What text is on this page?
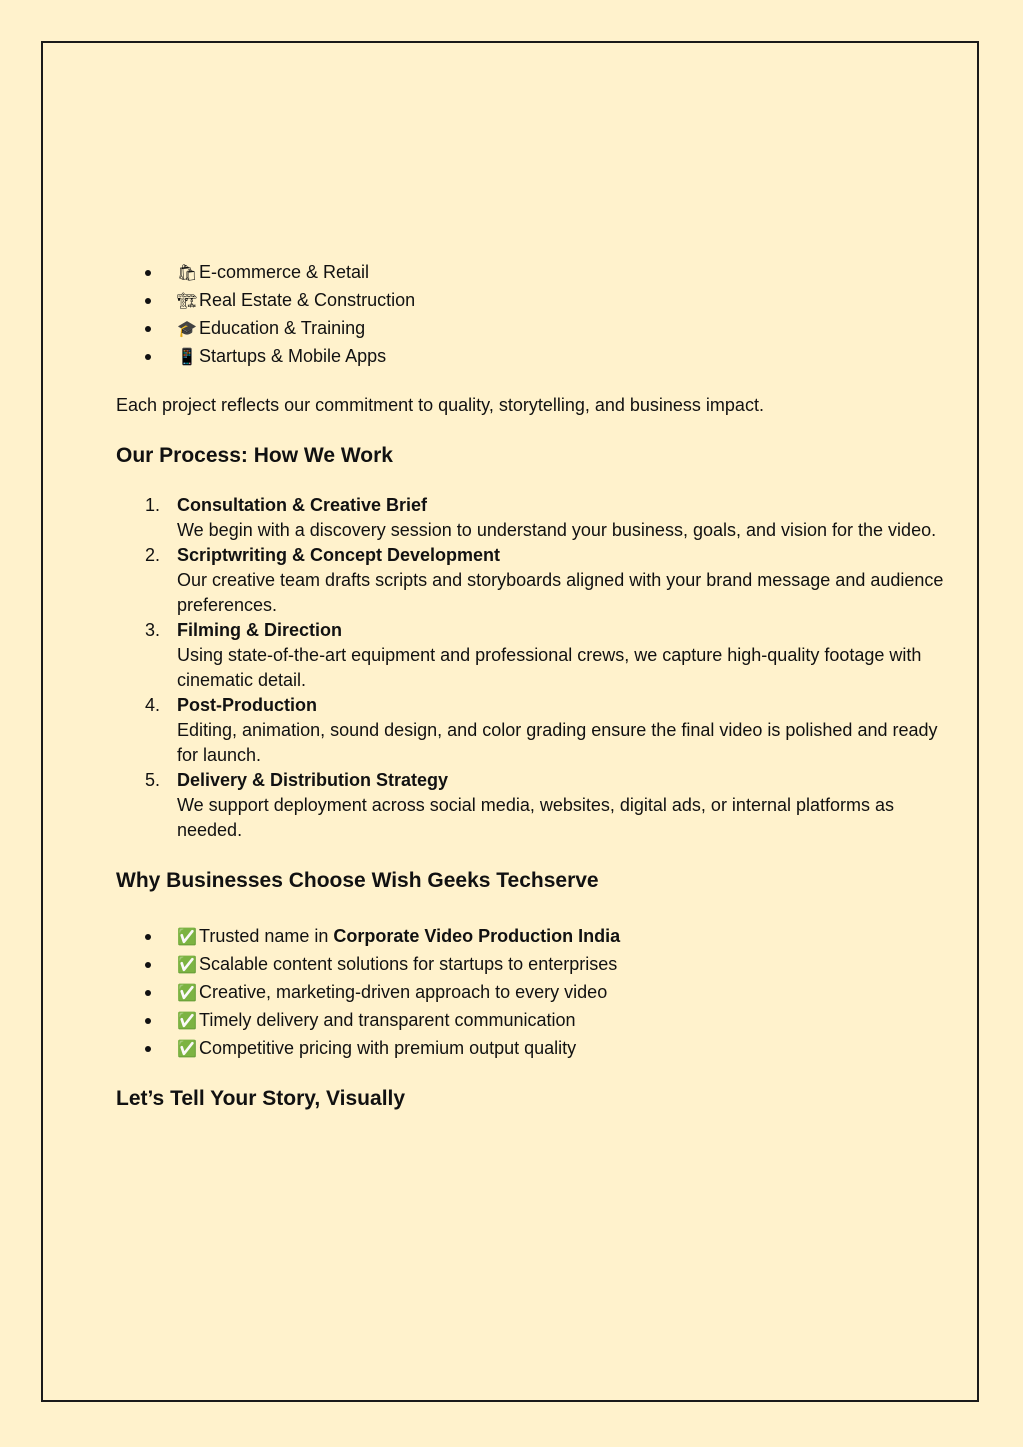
🛍E-commerce & Retail
🏗Real Estate & Construction
🎓 Education & Training
📱 Startups & Mobile Apps

Each project reflects our commitment to quality, storytelling, and business impact.

Our Process: How We Work
1. Consultation & Creative Brief
We begin with a discovery session to understand your business, goals, and vision for the video.
2. Scriptwriting & Concept Development
Our creative team drafts scripts and storyboards aligned with your brand message and audience preferences.
3. Filming & Direction
Using state-of-the-art equipment and professional crews, we capture high-quality footage with cinematic detail.
4. Post-Production
Editing, animation, sound design, and color grading ensure the final video is polished and ready for launch.
5. Delivery & Distribution Strategy
We support deployment across social media, websites, digital ads, or internal platforms as needed.
Why Businesses Choose Wish Geeks Techserve
✅ Trusted name in Corporate Video Production India
✅ Scalable content solutions for startups to enterprises
✅ Creative, marketing-driven approach to every video
✅ Timely delivery and transparent communication
✅ Competitive pricing with premium output quality
Let’s Tell Your Story, Visually
